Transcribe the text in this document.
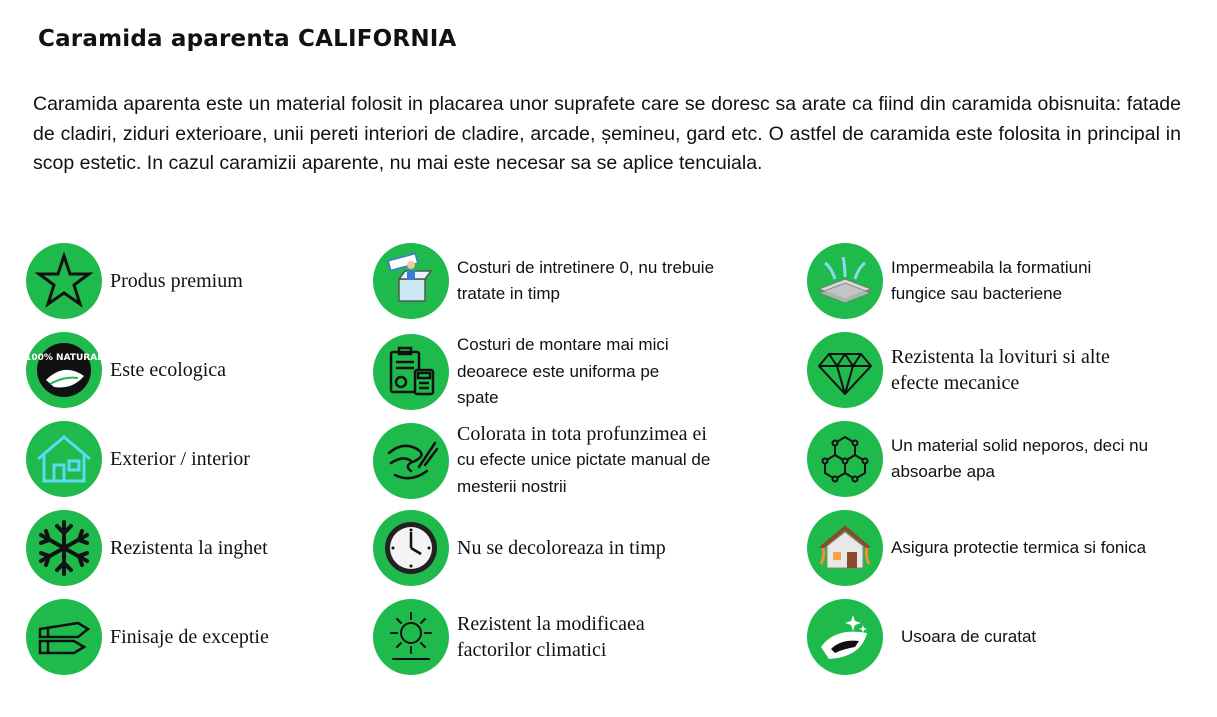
Caramida aparenta CALIFORNIA
Caramida aparenta este un material folosit in placarea unor suprafete care se doresc sa arate ca fiind din caramida obisnuita: fatade de cladiri, ziduri exterioare, unii pereti interiori de cladire, arcade, șemineu, gard etc. O astfel de caramida este folosita in principal in scop estetic. In cazul caramizii aparente, nu mai este necesar sa se aplice tencuiala.
Produs premium
100% NATURAL
Este ecologica
Exterior / interior
Rezistenta la inghet
Finisaje de exceptie
Costuri de intretinere 0, nu trebuie
tratate in timp
Costuri de montare mai mici
deoarece este uniforma pe
spate
Colorata in tota profunzimea ei
cu efecte unice pictate manual de
mesterii nostrii
Nu se decoloreaza in timp
Rezistent la modificaea
factorilor climatici
Impermeabila la formatiuni
fungice sau bacteriene
Rezistenta la lovituri si alte
efecte mecanice
Un material solid neporos, deci nu
absoarbe apa
Asigura protectie termica si fonica
Usoara de curatat
